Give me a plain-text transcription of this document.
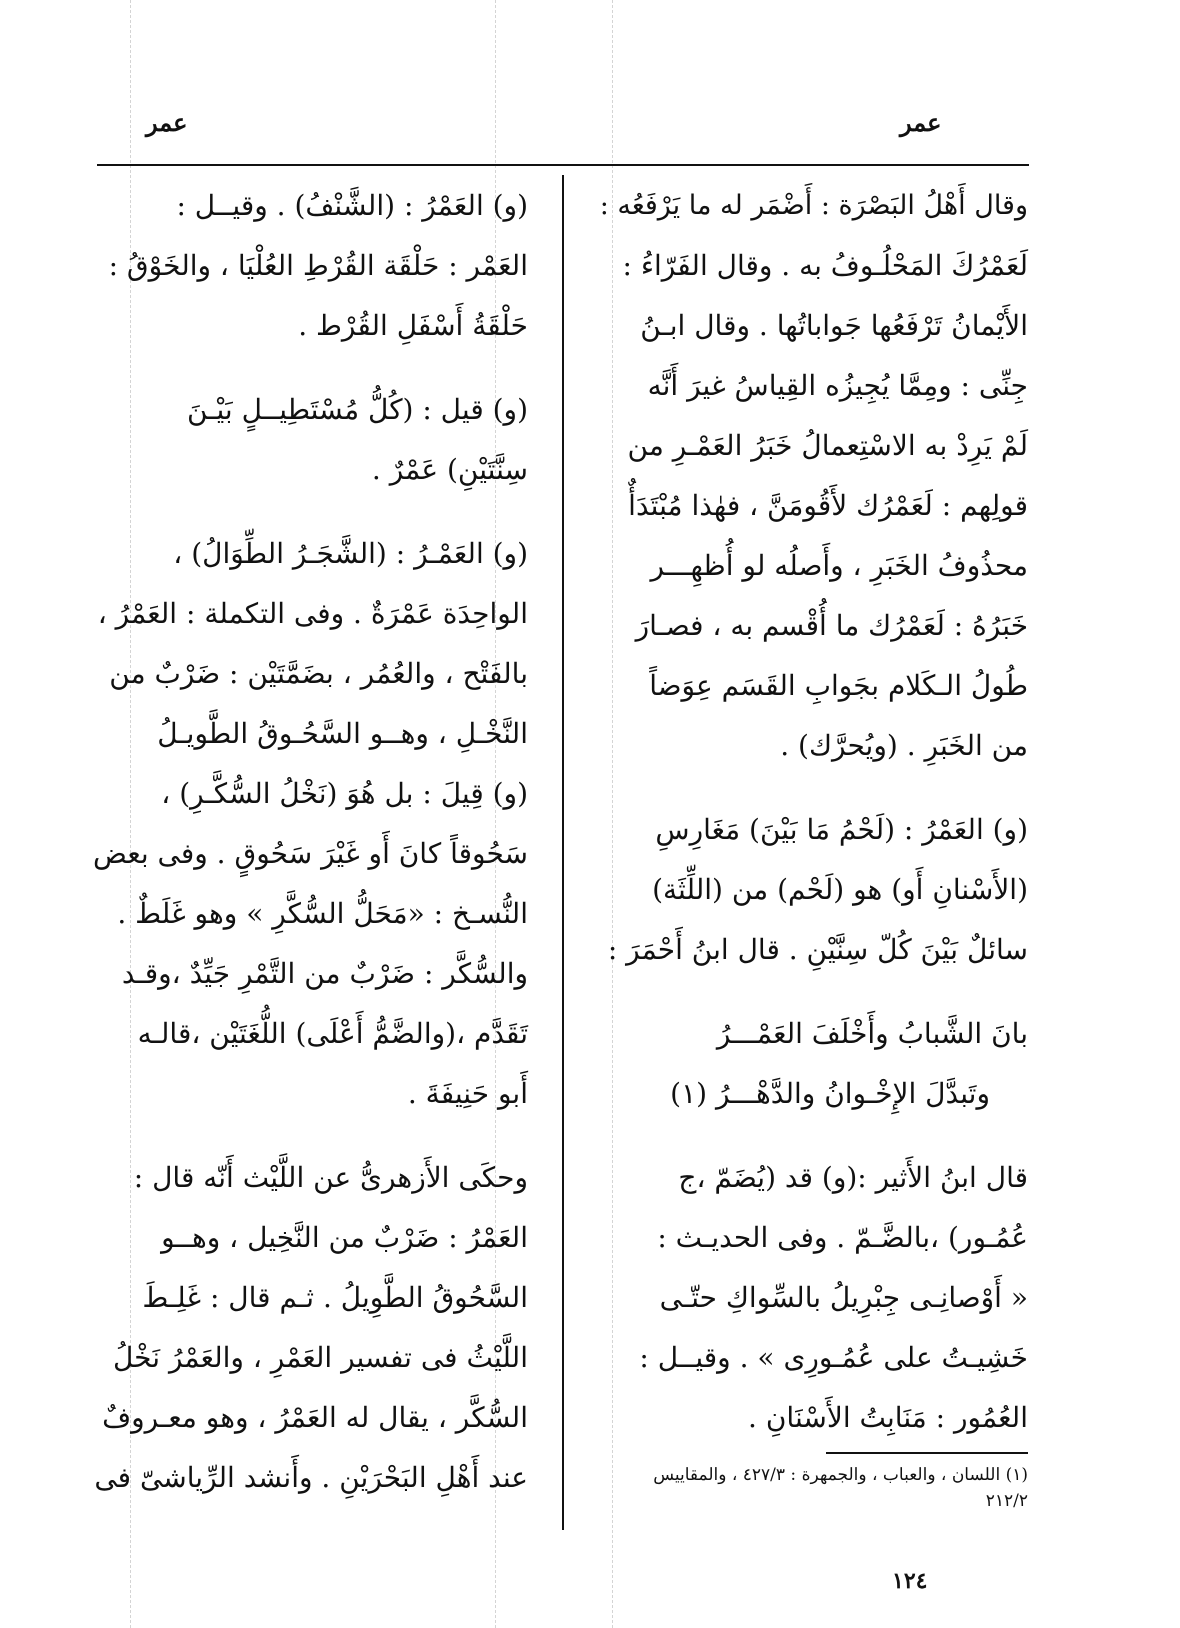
عمر	عمر
وقال أَهْلُ البَصْرَة : أَضْمَر له ما يَرْفَعُه :
لَعَمْرُكَ المَحْلُـوفُ به . وقال الفَرّاءُ :
الأَيْمانُ تَرْفَعُها جَواباتُها . وقال ابـنُ
جِنِّى : ومِمَّا يُجِيزُه القِياسُ غيرَ أَنَّه
لَمْ يَرِدْ به الاسْتِعمالُ خَبَرُ العَمْـرِ من
قولِهم : لَعَمْرُك لأَقُومَنَّ ، فهٰذا مُبْتَدَأٌ
محذُوفُ الخَبَرِ ، وأَصلُه لو أُظهِـــر
خَبَرُهُ : لَعَمْرُك ما أُقْسم به ، فصـارَ
طُولُ الـكَلام بجَوابِ القَسَم عِوَضاً
من الخَبَرِ . (ويُحرَّك) .
(و) العَمْرُ : (لَحْمُ مَا بَيْنَ) مَغَارِسِ
(الأَسْنانِ أَو) هو (لَحْم) من (اللِّثَة)
سائلٌ بَيْنَ كُلّ سِنَّيْنِ . قال ابنُ أَحْمَرَ :
بانَ الشَّبابُ وأَخْلَفَ العَمْـــرُ
وتَبدَّلَ الإِخْـوانُ والدَّهْـــرُ (١)
قال ابنُ الأَثير :(و) قد (يُضَمّ ،ج
عُمُـور) ،بالضَّـمّ . وفى الحديـث :
« أَوْصانِـى جِبْرِيلُ بالسِّواكِ حتّـى
خَشِيـتُ على عُمُـورِى » . وقيــل :
العُمُور : مَنَابِتُ الأَسْنَانِ .
(١) اللسان ، والعباب ، والجمهرة : ٤٢٧/٣ ، والمقاييس
٢١٢/٢
(و) العَمْرُ : (الشَّنْفُ) . وقيــل :
العَمْر : حَلْقَة القُرْطِ العُلْيَا ، والخَوْقُ :
حَلْقَةُ أَسْفَلِ القُرْط .
(و) قيل : (كُلُّ مُسْتَطِيــلٍ بَيْـنَ
سِنَّتَيْنِ) عَمْرٌ .
(و) العَمْـرُ : (الشَّجَـرُ الطِّوَالُ) ،
الواحِدَة عَمْرَةٌ . وفى التكملة : العَمْرُ ،
بالفَتْح ، والعُمُر ، بضَمَّتَيْن : ضَرْبٌ من
النَّخْـلِ ، وهــو السَّحُـوقُ الطَّويـلُ
(و) قِيلَ : بل هُوَ (نَخْلُ السُّكَّـرِ) ،
سَحُوقاً كانَ أَو غَيْرَ سَحُوقٍ . وفى بعض
النُّسـخ : «مَحَلُّ السُّكَّرِ » وهو غَلَطٌ .
والسُّكَّر : ضَرْبٌ من التَّمْرِ جَيِّدٌ ،وقـد
تَقَدَّم ،(والضَّمُّ أَعْلَى) اللُّغَتَيْن ،قالـه
أَبو حَنِيفَةَ .
وحكَى الأَزهرىُّ عن اللَّيْث أَنّه قال :
العَمْرُ : ضَرْبٌ من النَّخِيل ، وهــو
السَّحُوقُ الطَّوِيلُ . ثـم قال : غَلِـطَ
اللَّيْثُ فى تفسير العَمْرِ ، والعَمْرُ نَخْلُ
السُّكَّر ، يقال له العَمْرُ ، وهو معـروفٌ
عند أَهْلِ البَحْرَيْنِ . وأَنشد الرِّياشىّ فى
١٢٤
